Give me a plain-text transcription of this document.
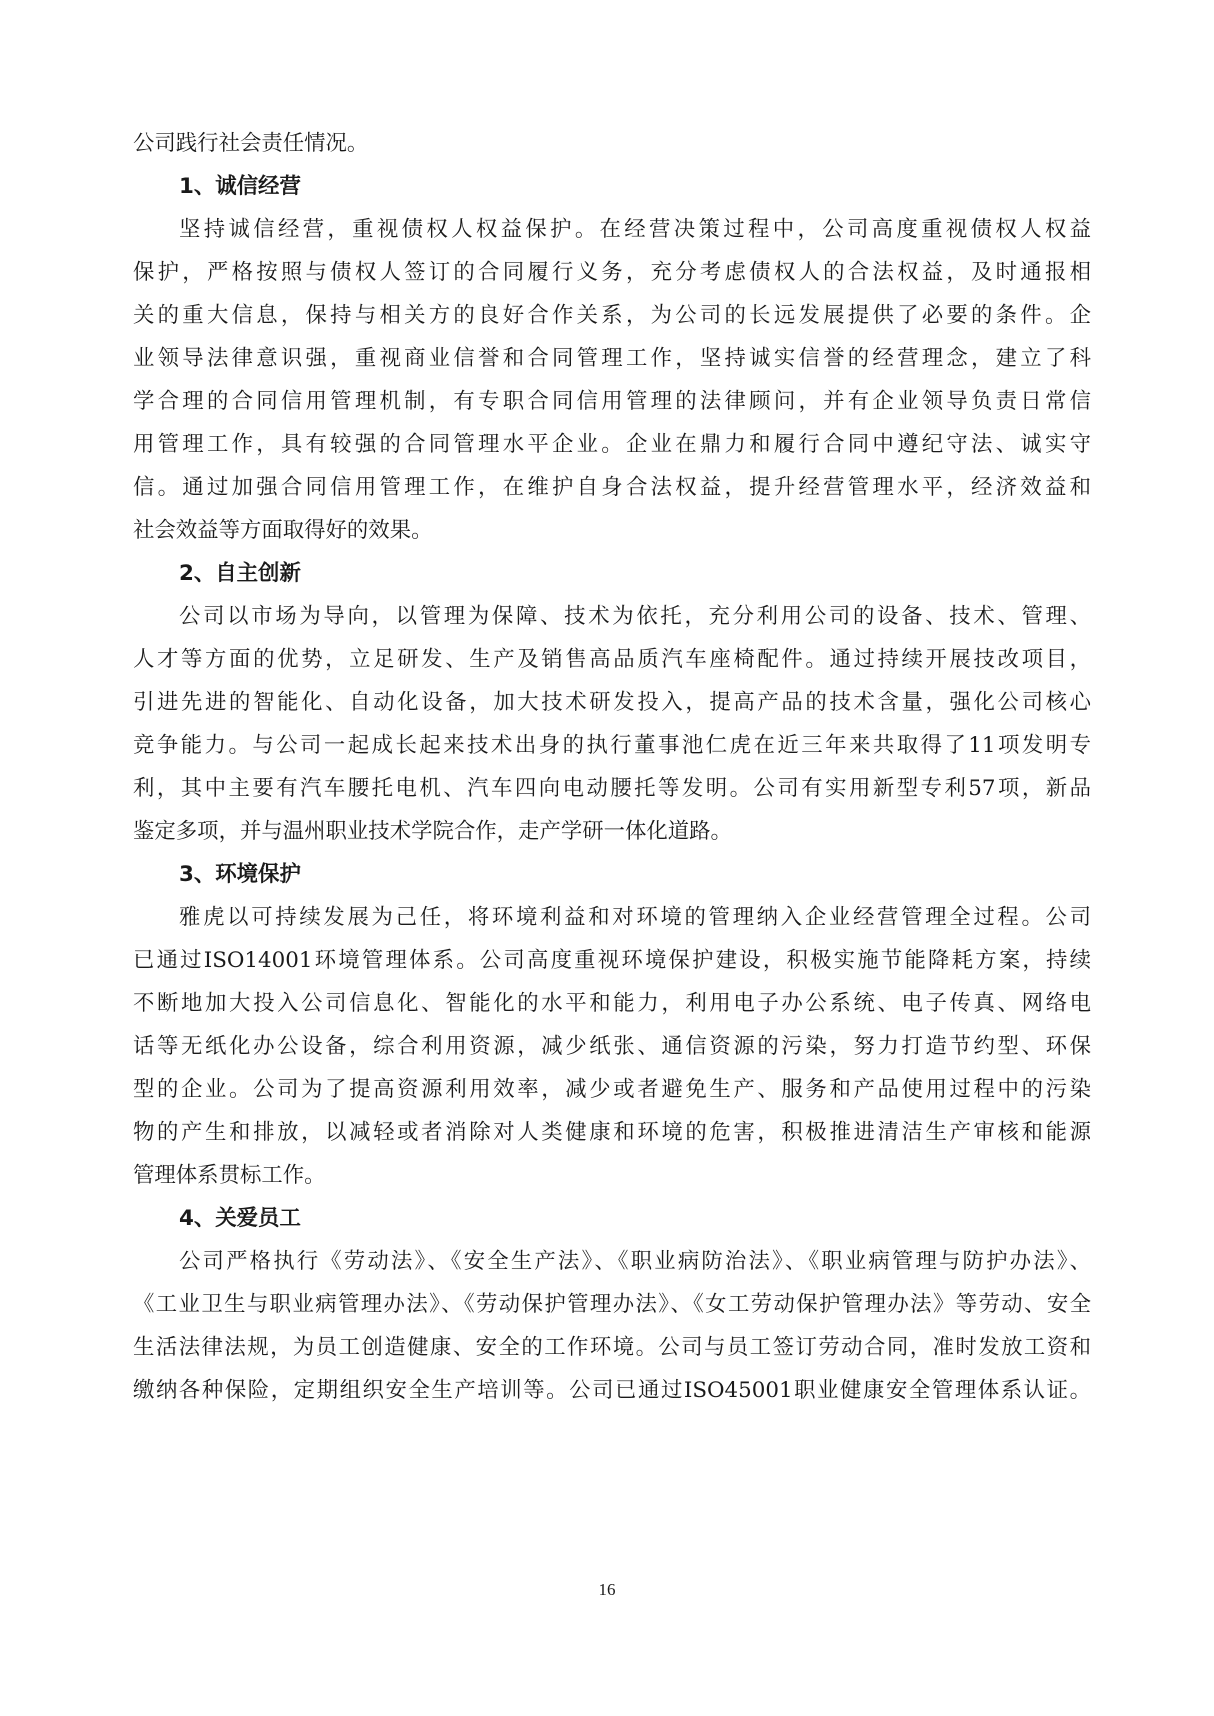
公司践行社会责任情况。
1、诚信经营
坚持诚信经营，重视债权人权益保护。在经营决策过程中，公司高度重视债权人权益
保护，严格按照与债权人签订的合同履行义务，充分考虑债权人的合法权益，及时通报相
关的重大信息，保持与相关方的良好合作关系，为公司的长远发展提供了必要的条件。企
业领导法律意识强，重视商业信誉和合同管理工作，坚持诚实信誉的经营理念，建立了科
学合理的合同信用管理机制，有专职合同信用管理的法律顾问，并有企业领导负责日常信
用管理工作，具有较强的合同管理水平企业。企业在鼎力和履行合同中遵纪守法、诚实守
信。通过加强合同信用管理工作，在维护自身合法权益，提升经营管理水平，经济效益和
社会效益等方面取得好的效果。
2、自主创新
公司以市场为导向，以管理为保障、技术为依托，充分利用公司的设备、技术、管理、
人才等方面的优势，立足研发、生产及销售高品质汽车座椅配件。通过持续开展技改项目，
引进先进的智能化、自动化设备，加大技术研发投入，提高产品的技术含量，强化公司核心
竞争能力。与公司一起成长起来技术出身的执行董事池仁虎在近三年来共取得了11项发明专
利，其中主要有汽车腰托电机、汽车四向电动腰托等发明。公司有实用新型专利57项，新品
鉴定多项，并与温州职业技术学院合作，走产学研一体化道路。
3、环境保护
雅虎以可持续发展为己任，将环境利益和对环境的管理纳入企业经营管理全过程。公司
已通过ISO14001环境管理体系。公司高度重视环境保护建设，积极实施节能降耗方案，持续
不断地加大投入公司信息化、智能化的水平和能力，利用电子办公系统、电子传真、网络电
话等无纸化办公设备，综合利用资源，减少纸张、通信资源的污染，努力打造节约型、环保
型的企业。公司为了提高资源利用效率，减少或者避免生产、服务和产品使用过程中的污染
物的产生和排放，以减轻或者消除对人类健康和环境的危害，积极推进清洁生产审核和能源
管理体系贯标工作。
4、关爱员工
公司严格执行《劳动法》、《安全生产法》、《职业病防治法》、《职业病管理与防护办法》、
《工业卫生与职业病管理办法》、《劳动保护管理办法》、《女工劳动保护管理办法》等劳动、安全
生活法律法规，为员工创造健康、安全的工作环境。公司与员工签订劳动合同，准时发放工资和
缴纳各种保险，定期组织安全生产培训等。公司已通过ISO45001职业健康安全管理体系认证。
16
